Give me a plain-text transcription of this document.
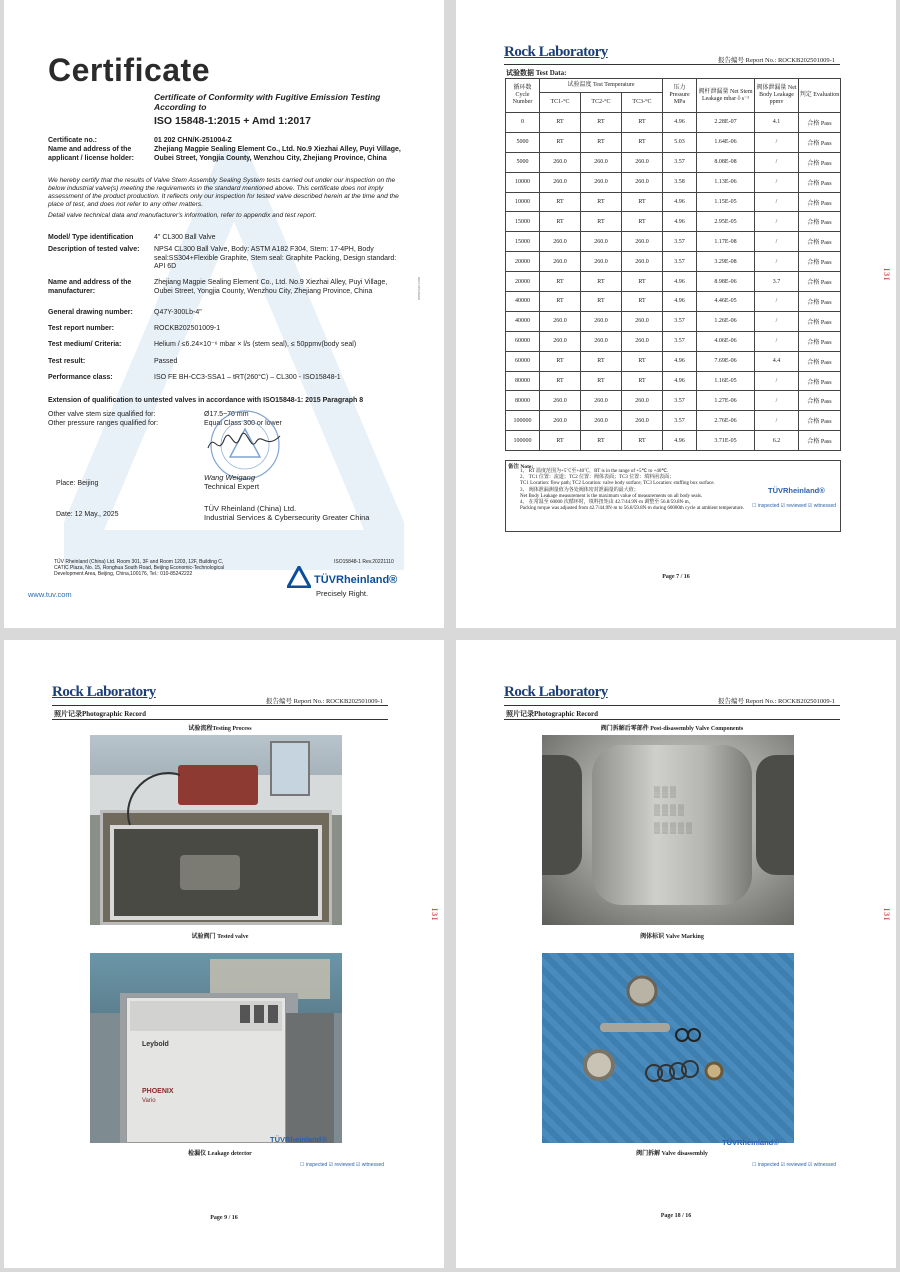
Certificate
Certificate of Conformity with Fugitive Emission Testing According to
ISO 15848-1:2015 + Amd 1:2017
Certificate no.:	01 202 CHN/K-251004-Z
Name and address of the applicant / license holder:
Zhejiang Magpie Sealing Element Co., Ltd. No.9 Xiezhai Alley, Puyi Village, Oubei Street, Yongjia County, Wenzhou City, Zhejiang Province, China
We hereby certify that the results of Valve Stem Assembly Sealing System tests carried out under our inspection on the below industrial valve(s) meeting the requirements in the standard mentioned above. This certificate does not imply assessment of the product production. It reflects only our inspection for tested valve described herein at the time and the place of test, and does not refer to any other matters.
Detail valve technical data and manufacturer's information, refer to appendix and test report.
Model/ Type identification	4" CL300 Ball Valve
Description of tested valve:	NPS4 CL300 Ball Valve, Body: ASTM A182 F304, Stem: 17-4PH, Body seal:SS304+Flexible Graphite, Stem seal: Graphite Packing, Design standard: API 6D
Name and address of the manufacturer:
Zhejiang Magpie Sealing Element Co., Ltd. No.9 Xiezhai Alley, Puyi Village, Oubei Street, Yongjia County, Wenzhou City, Zhejiang Province, China
General drawing number:	Q47Y-300Lb-4"
Test report number:	ROCKB202501009-1
Test medium/ Criteria:	Helium / ≤6.24×10⁻⁶ mbar × l/s (stem seal), ≤ 50ppmv(body seal)
Test result:	Passed
Performance class:	ISO FE BH-CC3-SSA1 – tRT(260°C) – CL300 - ISO15848-1
Extension of qualification to untested valves in accordance with ISO15848-1: 2015 Paragraph 8
Other valve stem size qualified for:	Ø17.5~70 mm
Other pressure ranges qualified for:	Equal Class 300 or lower
Wang Weigang
Technical Expert
Place: Beijing
Date: 12 May., 2025
TÜV Rheinland (China) Ltd.
Industrial Services & Cybersecurity Greater China
TÜV Rheinland (China) Ltd. Room 301, 3F and Room 1203, 12F, Building C, CATIC Plaza, No. 15, Ronghua South Road, Beijing Economic-Technological Development Area, Beijing, China,100176, Tel.: 010-85242222
ISO15848-1 Rev.20221110
www.tuv.com
TÜVRheinland®
Precisely Right.
www.tuv.com
Rock Laboratory
报告编号 Report No.: ROCKB202501009-1
试验数据 Test Data:
循环数 Cycle Number	试验温度 Test Temperature			压力 Pressure MPa	阀杆泄漏量 Net Stem Leakage mbar·l·s⁻¹	阀体泄漏量 Net Body Leakage ppmv	判定 Evaluation
	TC1-°C	TC2-°C	TC3-°C				
0	RT	RT	RT	4.96	2.28E-07	4.1	合格 Pass
5000	RT	RT	RT	5.03	1.64E-06	/	合格 Pass
5000	260.0	260.0	260.0	3.57	8.08E-08	/	合格 Pass
10000	260.0	260.0	260.0	3.58	1.13E-06	/	合格 Pass
10000	RT	RT	RT	4.96	1.15E-05	/	合格 Pass
15000	RT	RT	RT	4.96	2.95E-05	/	合格 Pass
15000	260.0	260.0	260.0	3.57	1.17E-08	/	合格 Pass
20000	260.0	260.0	260.0	3.57	3.29E-08	/	合格 Pass
20000	RT	RT	RT	4.96	8.98E-06	3.7	合格 Pass
40000	RT	RT	RT	4.96	4.46E-05	/	合格 Pass
40000	260.0	260.0	260.0	3.57	1.26E-06	/	合格 Pass
60000	260.0	260.0	260.0	3.57	4.06E-06	/	合格 Pass
60000	RT	RT	RT	4.96	7.69E-06	4.4	合格 Pass
80000	RT	RT	RT	4.96	1.16E-05	/	合格 Pass
80000	260.0	260.0	260.0	3.57	1.27E-06	/	合格 Pass
100000	260.0	260.0	260.0	3.57	2.76E-06	/	合格 Pass
100000	RT	RT	RT	4.96	3.71E-05	6.2	合格 Pass
1、 RT 温度范围为+5℃至+40℃，RT is in the range of +5℃ to +40℃.
2、 TC1 位置：流道；TC2 位置：阀体表面；TC3 位置：填料函表面；
TC1 Location: flow path; TC2 Location: valve body surface; TC3 Location: stuffing box surface.
3、 阀体泄漏测量值为各处阀体密封泄漏量的最大值；
Net Body Leakage measurement is the maximum value of measurements on all body seals.
4、 在常温至 60000 次循环时，填料扭矩由 42.7/44.9N·m 调整至 56.8/59.8N·m。
Packing torque was adjusted from 42.7/44.9N·m to 56.8/59.8N·m during 60000th cycle at ambient temperature.
备注 Note:
TÜVRheinland®
☐ inspected ☑ reviewed ☑ witnessed
Page 7 / 16
I3I
Rock Laboratory
报告编号 Report No.: ROCKB202501009-1
照片记录Photographic Record
试验流程Testing Process
试验阀门 Tested valve
Leybold
PHOENIX
Vario
TÜVRheinland®
检漏仪 Leakage detector
☐ inspected ☑ reviewed ☑ witnessed
Page 9 / 16
I3I
Rock Laboratory
报告编号 Report No.: ROCKB202501009-1
照片记录Photographic Record
阀门拆解后零部件 Post-disassembly Valve Components
▒▒▒
▒▒▒▒
▒▒▒▒▒
阀体标识 Valve Marking
TÜVRheinland®
阀门拆解 Valve disassembly
☐ inspected ☑ reviewed ☑ witnessed
Page 18 / 16
I3I
